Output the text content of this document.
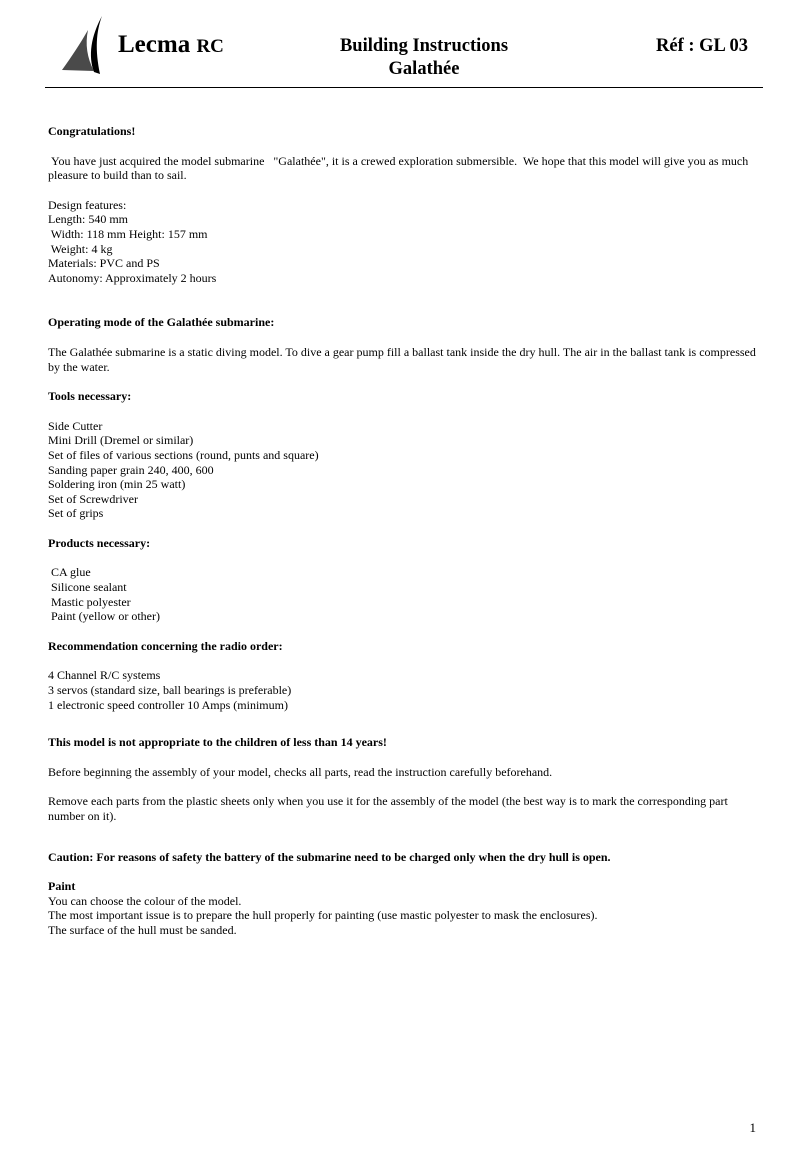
Lecma RC	Building Instructions
Galathée
Réf : GL 03

Congratulations!

You have just acquired the model submarine   "Galathée", it is a crewed exploration submersible.  We hope that this model will give you as much pleasure to build than to sail.

Design features:

Length: 540 mm
Width: 118 mm Height: 157 mm
Weight: 4 kg
Materials: PVC and PS
Autonomy: Approximately 2 hours

Operating mode of the Galathée submarine:

The Galathée submarine is a static diving model. To dive a gear pump fill a ballast tank inside the dry hull. The air in the ballast tank is compressed by the water.

Tools necessary:

Side Cutter
Mini Drill (Dremel or similar)
Set of files of various sections (round, punts and square)
Sanding paper grain 240, 400, 600
Soldering iron (min 25 watt)
Set of Screwdriver
Set of grips

Products necessary:

CA glue
Silicone sealant
Mastic polyester
Paint (yellow or other)

Recommendation concerning the radio order:

4 Channel R/C systems
3 servos (standard size, ball bearings is preferable)
1 electronic speed controller 10 Amps (minimum)

This model is not appropriate to the children of less than 14 years!

Before beginning the assembly of your model, checks all parts, read the instruction carefully beforehand.

Remove each parts from the plastic sheets only when you use it for the assembly of the model (the best way is to mark the corresponding part number on it).

Caution: For reasons of safety the battery of the submarine need to be charged only when the dry hull is open.

Paint

You can choose the colour of the model.

The most important issue is to prepare the hull properly for painting (use mastic polyester to mask the enclosures).

The surface of the hull must be sanded.

1
